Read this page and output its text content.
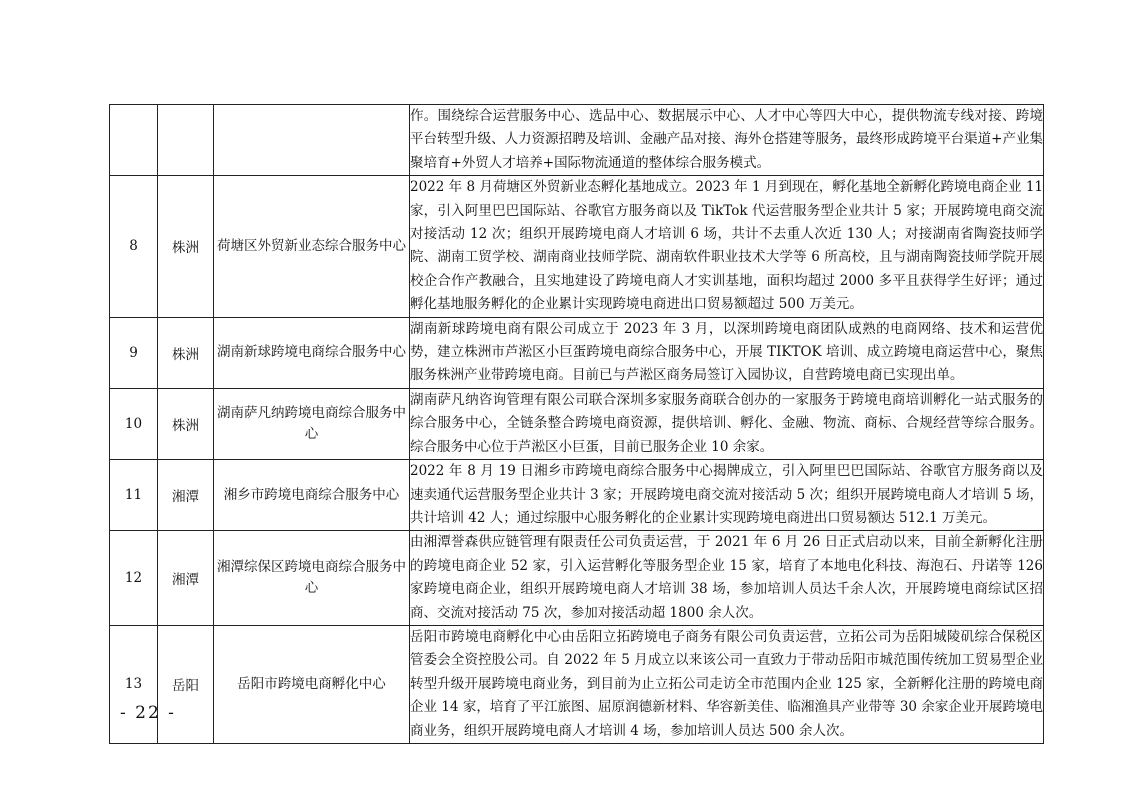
			作。围绕综合运营服务中心、选品中心、数据展示中心、人才中心等四大中心，提供物流专线对接、跨境平台转型升级、人力资源招聘及培训、金融产品对接、海外仓搭建等服务，最终形成跨境平台渠道+产业集聚培育+外贸人才培养+国际物流通道的整体综合服务模式。
8	株洲	荷塘区外贸新业态综合服务中心	2022 年 8 月荷塘区外贸新业态孵化基地成立。2023 年 1 月到现在，孵化基地全新孵化跨境电商企业 11 家，引入阿里巴巴国际站、谷歌官方服务商以及 TikTok 代运营服务型企业共计 5 家；开展跨境电商交流对接活动 12 次；组织开展跨境电商人才培训 6 场，共计不去重人次近 130 人；对接湖南省陶瓷技师学院、湖南工贸学校、湖南商业技师学院、湖南软件职业技术大学等 6 所高校，且与湖南陶瓷技师学院开展校企合作产教融合，且实地建设了跨境电商人才实训基地，面积均超过 2000 多平且获得学生好评；通过孵化基地服务孵化的企业累计实现跨境电商进出口贸易额超过 500 万美元。
9	株洲	湖南新球跨境电商综合服务中心	湖南新球跨境电商有限公司成立于 2023 年 3 月，以深圳跨境电商团队成熟的电商网络、技术和运营优势，建立株洲市芦淞区小巨蛋跨境电商综合服务中心，开展 TIKTOK 培训、成立跨境电商运营中心，聚焦服务株洲产业带跨境电商。目前已与芦淞区商务局签订入园协议，自营跨境电商已实现出单。
10	株洲	湖南萨凡纳跨境电商综合服务中心	湖南萨凡纳咨询管理有限公司联合深圳多家服务商联合创办的一家服务于跨境电商培训孵化一站式服务的综合服务中心，全链条整合跨境电商资源，提供培训、孵化、金融、物流、商标、合规经营等综合服务。综合服务中心位于芦淞区小巨蛋，目前已服务企业 10 余家。
11	湘潭	湘乡市跨境电商综合服务中心	2022 年 8 月 19 日湘乡市跨境电商综合服务中心揭牌成立，引入阿里巴巴国际站、谷歌官方服务商以及速卖通代运营服务型企业共计 3 家；开展跨境电商交流对接活动 5 次；组织开展跨境电商人才培训 5 场，共计培训 42 人；通过综服中心服务孵化的企业累计实现跨境电商进出口贸易额达 512.1 万美元。
12	湘潭	湘潭综保区跨境电商综合服务中心	由湘潭誉森供应链管理有限责任公司负责运营，于 2021 年 6 月 26 日正式启动以来，目前全新孵化注册的跨境电商企业 52 家，引入运营孵化等服务型企业 15 家，培育了本地电化科技、海泡石、丹诺等 126 家跨境电商企业，组织开展跨境电商人才培训 38 场，参加培训人员达千余人次，开展跨境电商综试区招商、交流对接活动 75 次，参加对接活动超 1800 余人次。
13	岳阳	岳阳市跨境电商孵化中心	岳阳市跨境电商孵化中心由岳阳立拓跨境电子商务有限公司负责运营，立拓公司为岳阳城陵矶综合保税区管委会全资控股公司。自 2022 年 5 月成立以来该公司一直致力于带动岳阳市城范围传统加工贸易型企业转型升级开展跨境电商业务，到目前为止立拓公司走访全市范围内企业 125 家，全新孵化注册的跨境电商企业 14 家，培育了平江旅图、屈原润德新材料、华容新美佳、临湘渔具产业带等 30 余家企业开展跨境电商业务，组织开展跨境电商人才培训 4 场，参加培训人员达 500 余人次。
- 22 -
